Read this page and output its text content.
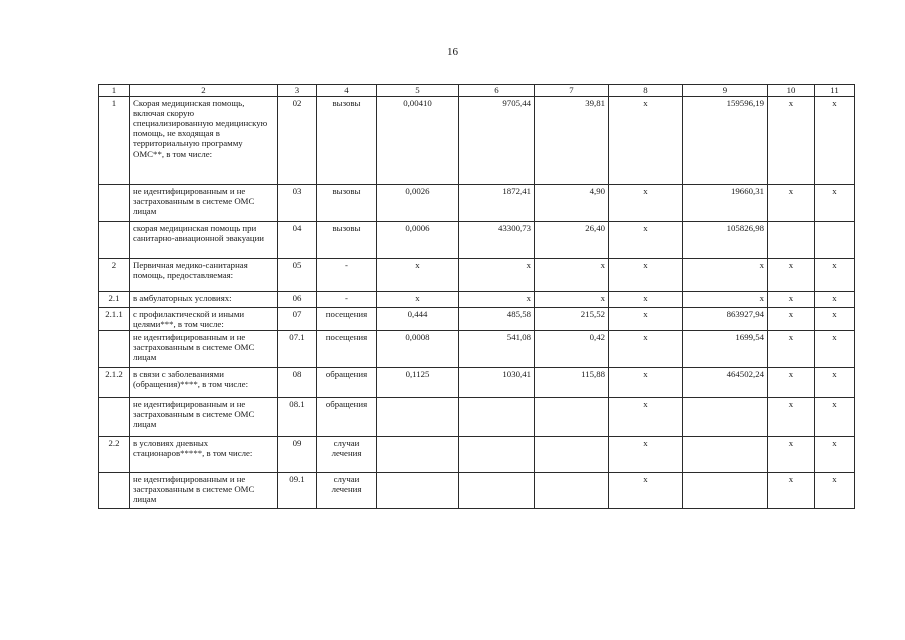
16
1	2	3	4	5	6	7	8	9	10	11
1	Скорая медицинская помощь, включая скорую специализированную медицинскую помощь, не входящая в территориальную программу ОМС**, в том числе:	02	вызовы	0,00410	9705,44	39,81	х	159596,19	х	х
	не идентифицированным и не застрахованным в системе ОМС лицам	03	вызовы	0,0026	1872,41	4,90	х	19660,31	х	х
	скорая медицинская помощь при санитарно-авиационной эвакуации	04	вызовы	0,0006	43300,73	26,40	х	105826,98		
2	Первичная медико-санитарная помощь, предоставляемая:	05	-	х	х	х	х	х	х	х
2.1	в амбулаторных условиях:	06	-	х	х	х	х	х	х	х
2.1.1	с профилактической и иными целями***, в том числе:	07	посещения	0,444	485,58	215,52	х	863927,94	х	х
	не идентифицированным и не застрахованным в системе ОМС лицам	07.1	посещения	0,0008	541,08	0,42	х	1699,54	х	х
2.1.2	в связи с заболеваниями (обращения)****, в том числе:	08	обращения	0,1125	1030,41	115,88	х	464502,24	х	х
	не идентифицированным и не застрахованным в системе ОМС лицам	08.1	обращения				х		х	х
2.2	в условиях дневных стационаров*****, в том числе:	09	случаи лечения				х		х	х
	не идентифицированным и не застрахованным в системе ОМС лицам	09.1	случаи лечения				х		х	х
